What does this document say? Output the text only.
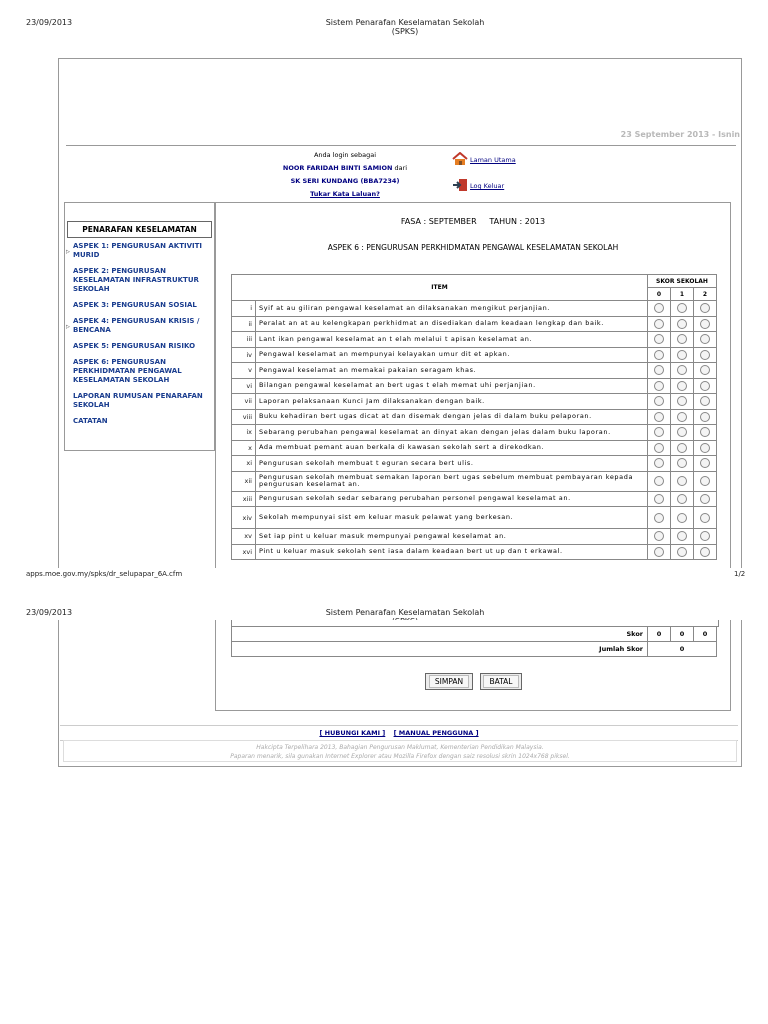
23/09/2013	Sistem Penarafan Keselamatan Sekolah (SPKS)
23 September 2013 - Isnin
Anda login sebagai
NOOR FARIDAH BINTI SAMION dari
SK SERI KUNDANG (BBA7234)
Tukar Kata Laluan?
Laman Utama
Log Keluar
PENARAFAN KESELAMATAN
▷
ASPEK 1: PENGURUSAN AKTIVITI MURID
ASPEK 2: PENGURUSAN KESELAMATAN INFRASTRUKTUR SEKOLAH
ASPEK 3: PENGURUSAN SOSIAL
▷
ASPEK 4: PENGURUSAN KRISIS / BENCANA
ASPEK 5: PENGURUSAN RISIKO
ASPEK 6: PENGURUSAN PERKHIDMATAN PENGAWAL KESELAMATAN SEKOLAH
LAPORAN RUMUSAN PENARAFAN SEKOLAH
CATATAN
FASA : SEPTEMBER TAHUN : 2013
ASPEK 6 : PENGURUSAN PERKHIDMATAN PENGAWAL KESELAMATAN SEKOLAH
ITEM		SKOR SEKOLAH		
		0	1	2
i	Syif at au giliran pengawal keselamat an dilaksanakan mengikut perjanjian.			
ii	Peralat an at au kelengkapan perkhidmat an disediakan dalam keadaan lengkap dan baik.			
iii	Lant ikan pengawal keselamat an t elah melalui t apisan keselamat an.			
iv	Pengawal keselamat an mempunyai kelayakan umur dit et apkan.			
v	Pengawal keselamat an memakai pakaian seragam khas.			
vi	Bilangan pengawal keselamat an bert ugas t elah memat uhi perjanjian.			
vii	Laporan pelaksanaan Kunci Jam dilaksanakan dengan baik.			
viii	Buku kehadiran bert ugas dicat at dan disemak dengan jelas di dalam buku pelaporan.			
ix	Sebarang perubahan pengawal keselamat an dinyat akan dengan jelas dalam buku laporan.			
x	Ada membuat pemant auan berkala di kawasan sekolah sert a direkodkan.			
xi	Pengurusan sekolah membuat t eguran secara bert ulis.			
xii	Pengurusan sekolah membuat semakan laporan bert ugas sebelum membuat pembayaran kepada pengurusan keselamat an.			
xiii	Pengurusan sekolah sedar sebarang perubahan personel pengawal keselamat an.			
xiv	Sekolah mempunyai sist em keluar masuk pelawat yang berkesan.			
xv	Set iap pint u keluar masuk mempunyai pengawal keselamat an.			
xvi	Pint u keluar masuk sekolah sent iasa dalam keadaan bert ut up dan t erkawal.			
apps.moe.gov.my/spks/dr_selupapar_6A.cfm	1/2
23/09/2013	Sistem Penarafan Keselamatan Sekolah
Skor	0	0	0
Jumlah Skor	0		
SIMPAN	BATAL
[ HUBUNGI KAMI ] [ MANUAL PENGGUNA ]
Hakcipta Terpelihara 2013, Bahagian Pengurusan Maklumat, Kementerian Pendidikan Malaysia.
Paparan menarik, sila gunakan Internet Explorer atau Mozilla Firefox dengan saiz resolusi skrin 1024x768 piksel.
